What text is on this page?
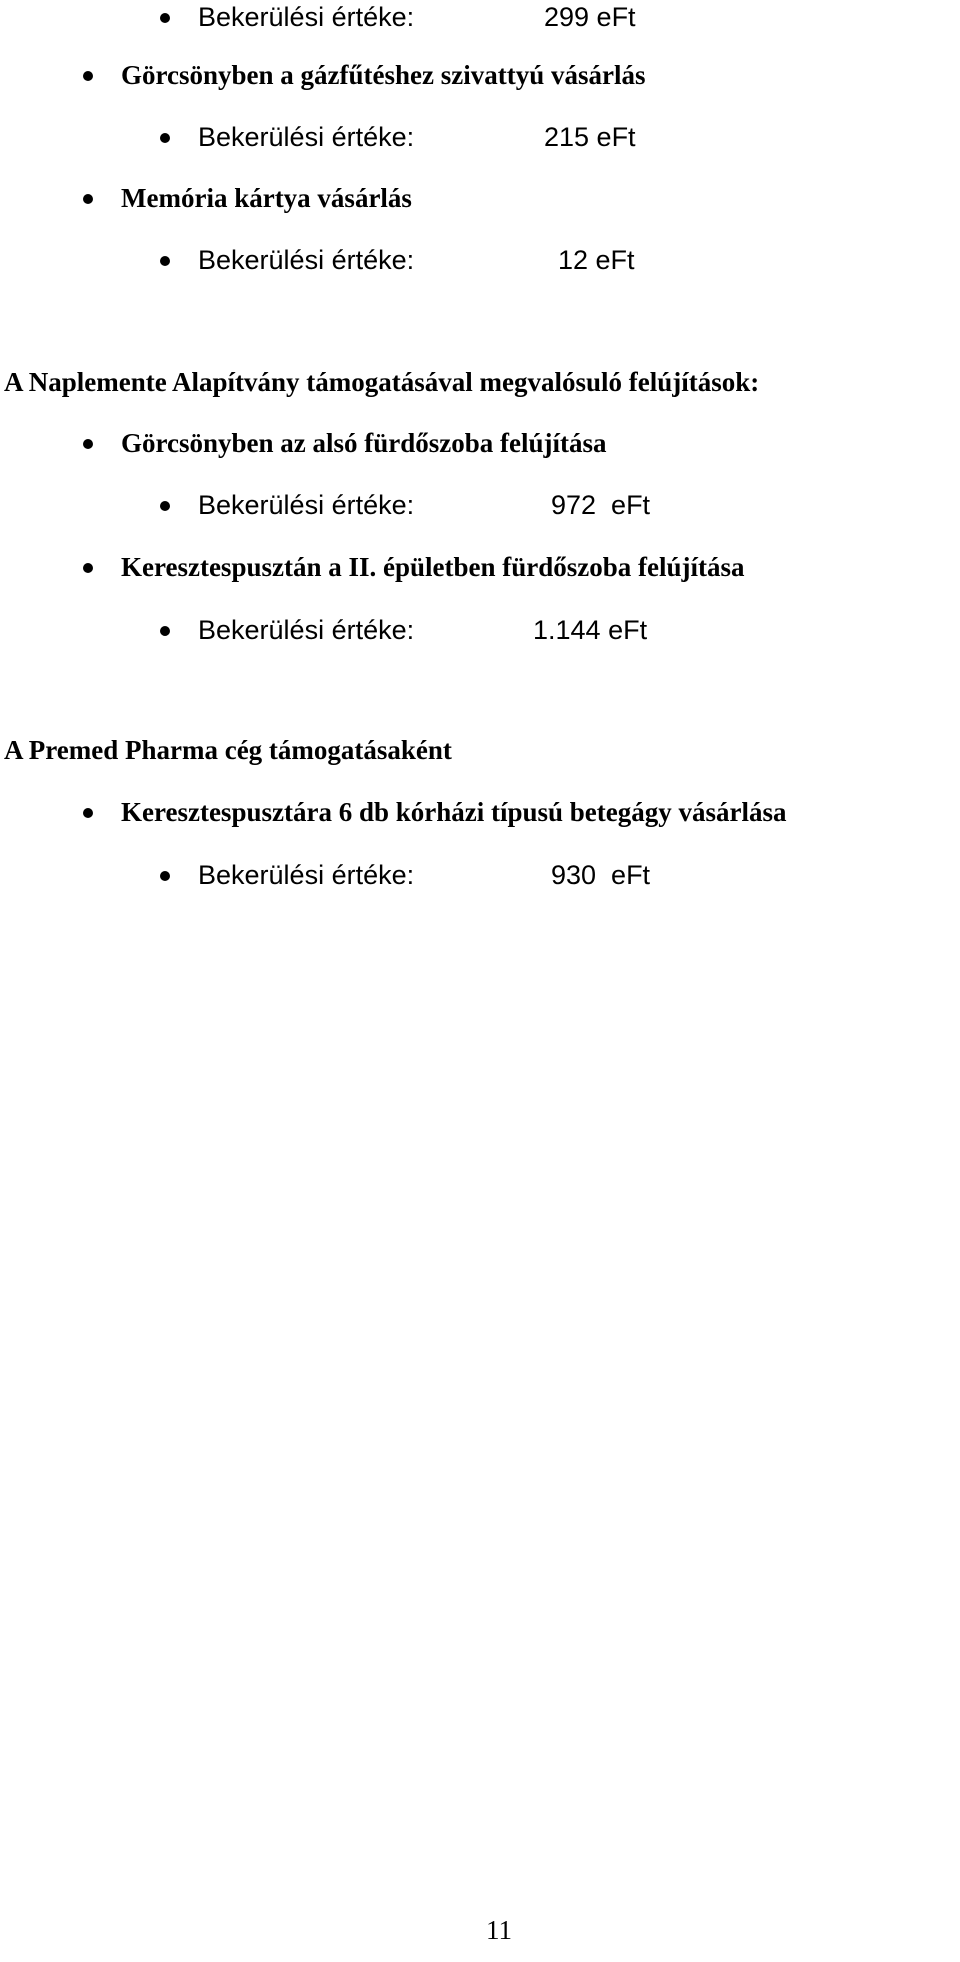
Bekerülési értéke:	299 eFt
Görcsönyben a gázfűtéshez szivattyú vásárlás
Bekerülési értéke:	215 eFt
Memória kártya vásárlás
Bekerülési értéke:	12 eFt
A Naplemente Alapítvány támogatásával megvalósuló felújítások:
Görcsönyben az alsó fürdőszoba felújítása
Bekerülési értéke:	972  eFt
Keresztespusztán a II. épületben fürdőszoba felújítása
Bekerülési értéke:	1.144 eFt
A Premed Pharma cég támogatásaként
Keresztespusztára 6 db kórházi típusú betegágy vásárlása
Bekerülési értéke:	930  eFt
11
